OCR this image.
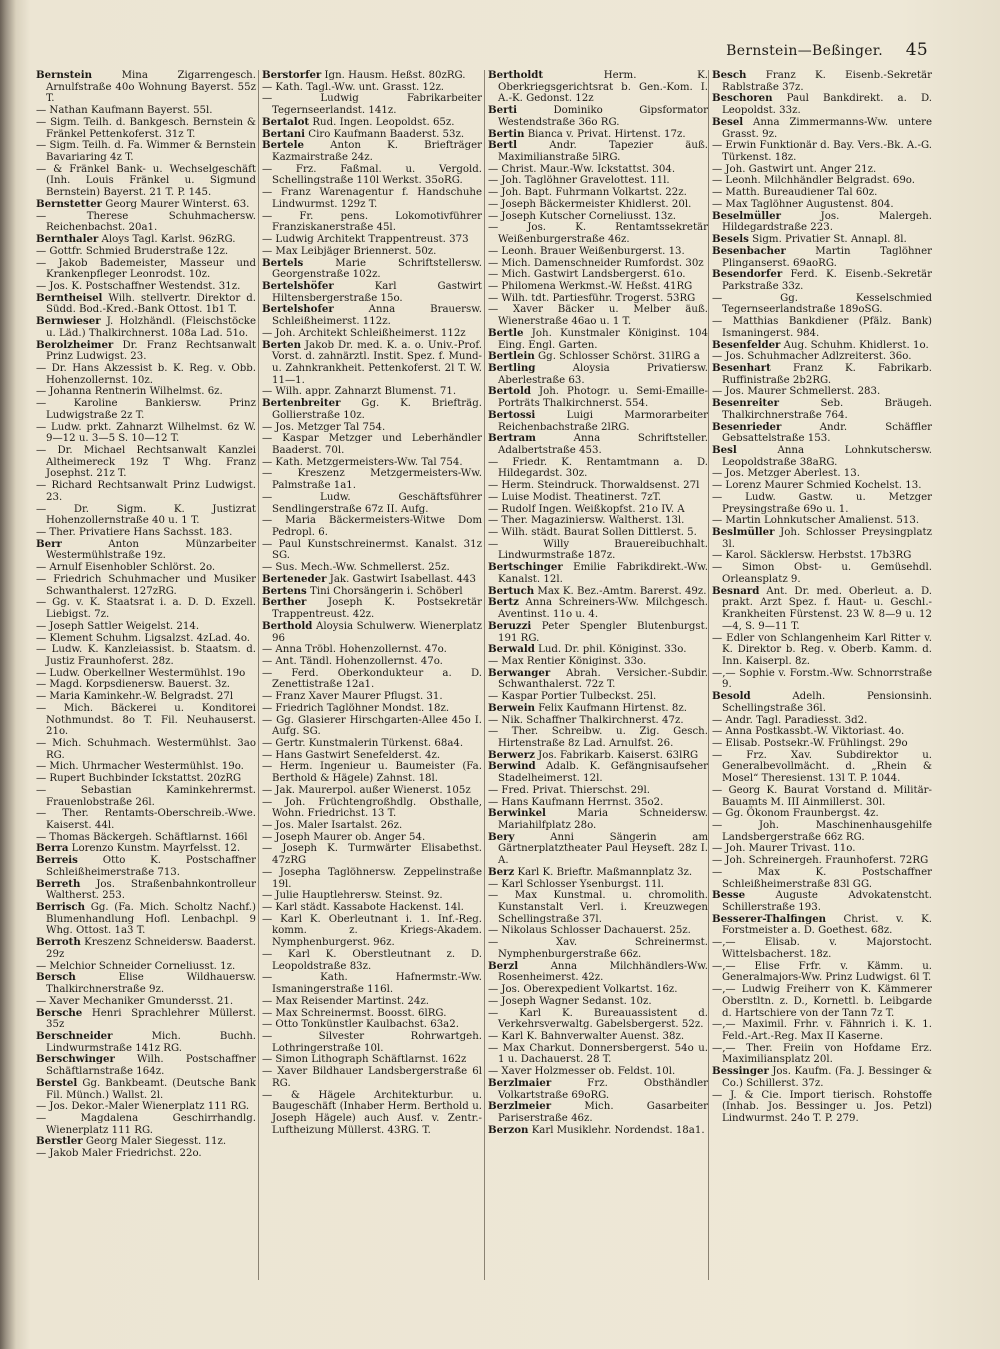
Bernstein—Beßinger. 45

Bernstein Mina Zigarrengesch. Arnulfstraße 40o Wohnung Bayerst. 55z T.

— Nathan Kaufmann Bayerst. 55l.

— Sigm. Teilh. d. Bankgesch. Bernstein & Fränkel Pettenkoferst. 31z T.

— Sigm. Teilh. d. Fa. Wimmer & Bernstein Bavariaring 4z T.

— & Fränkel Bank- u. Wechselgeschäft (Inh. Louis Fränkel u. Sigmund Bernstein) Bayerst. 21 T. P. 145.

Bernstetter Georg Maurer Winterst. 63.

— Therese Schuhmachersw. Reichenbachst. 20a1.

Bernthaler Aloys Tagl. Karlst. 96zRG.

— Gottfr. Schmied Bruderstraße 12z.

— Jakob Bademeister, Masseur und Krankenpfleger Leonrodst. 10z.

— Jos. K. Postschaffner Westendst. 31z.

Berntheisel Wilh. stellvertr. Direktor d. Südd. Bod.-Kred.-Bank Ottost. 1b1 T.

Bernwieser J. Holzhändl. (Fleischstöcke u. Läd.) Thalkirchnerst. 108a Lad. 51o.

Berolzheimer Dr. Franz Rechtsanwalt Prinz Ludwigst. 23.

— Dr. Hans Akzessist b. K. Reg. v. Obb. Hohenzollernst. 10z.

— Johanna Rentnerin Wilhelmst. 6z.

— Karoline Bankiersw. Prinz Ludwigstraße 2z T.

— Ludw. prkt. Zahnarzt Wilhelmst. 6z W. 9—12 u. 3—5 S. 10—12 T.

— Dr. Michael Rechtsanwalt Kanzlei Altheimereck 19z T Whg. Franz Josephst. 21z T.

— Richard Rechtsanwalt Prinz Ludwigst. 23.

— Dr. Sigm. K. Justizrat Hohenzollernstraße 40 u. 1 T.

— Ther. Privatiere Hans Sachsst. 183.

Berr Anton Münzarbeiter Westermühlstraße 19z.

— Arnulf Eisenhobler Schlörst. 2o.

— Friedrich Schuhmacher und Musiker Schwanthalerst. 127zRG.

— Gg. v. K. Staatsrat i. a. D. D. Exzell. Liebigst. 7z.

— Joseph Sattler Weigelst. 214.

— Klement Schuhm. Ligsalzst. 4zLad. 4o.

— Ludw. K. Kanzleiassist. b. Staatsm. d. Justiz Fraunhoferst. 28z.

— Ludw. Oberkellner Westermühlst. 19o

— Magd. Korpsdienersw. Bauerst. 3z.

— Maria Kaminkehr.-W. Belgradst. 27l

— Mich. Bäckerei u. Konditorei Nothmundst. 8o T. Fil. Neuhauserst. 21o.

— Mich. Schuhmach. Westermühlst. 3ao RG.

— Mich. Uhrmacher Westermühlst. 19o.

— Rupert Buchbinder Ickstattst. 20zRG

— Sebastian Kaminkehrermst. Frauenlobstraße 26l.

— Ther. Rentamts-Oberschreib.-Wwe. Kaiserst. 44l.

— Thomas Bäckergeh. Schäftlarnst. 166l

Berra Lorenzo Kunstm. Mayrfelsst. 12.

Berreis Otto K. Postschaffner Schleißheimerstraße 713.

Berreth Jos. Straßenbahnkontrolleur Waltherst. 253.

Berrisch Gg. (Fa. Mich. Scholtz Nachf.) Blumenhandlung Hofl. Lenbachpl. 9 Whg. Ottost. 1a3 T.

Berroth Kreszenz Schneidersw. Baaderst. 29z

— Melchior Schneider Corneliusst. 1z.

Bersch Elise Wildhauersw. Thalkirchnerstraße 9z.

— Xaver Mechaniker Gmundersst. 21.

Bersche Henri Sprachlehrer Müllerst. 35z

Berschneider Mich. Buchh. Lindwurmstraße 141z RG.

Berschwinger Wilh. Postschaffner Schäftlarnstraße 164z.

Berstel Gg. Bankbeamt. (Deutsche Bank Fil. Münch.) Wallst. 2l.

— Jos. Dekor.-Maler Wienerplatz 111 RG.

— Magdalena Geschirrhandlg. Wienerplatz 111 RG.

Berstler Georg Maler Siegesst. 11z.

— Jakob Maler Friedrichst. 22o.

Berstorfer Ign. Hausm. Heßst. 80zRG.

— Kath. Tagl.-Ww. unt. Grasst. 12z.

— Ludwig Fabrikarbeiter Tegernseerlandst. 141z.

Bertalot Rud. Ingen. Leopoldst. 65z.

Bertani Ciro Kaufmann Baaderst. 53z.

Bertele Anton K. Briefträger Kazmairstraße 24z.

— Frz. Faßmal. u. Vergold. Schellingstraße 110l Werkst. 35oRG.

— Franz Warenagentur f. Handschuhe Lindwurmst. 129z T.

— Fr. pens. Lokomotivführer Franziskanerstraße 45l.

— Ludwig Architekt Trappentreust. 373

— Max Leibjäger Briennerst. 50z.

Bertels Marie Schriftstellersw. Georgenstraße 102z.

Bertelshöfer Karl Gastwirt Hiltensbergerstraße 15o.

Bertelshofer Anna Brauersw. Schleißheimerst. 112z.

— Joh. Architekt Schleißheimerst. 112z

Berten Jakob Dr. med. K. a. o. Univ.-Prof. Vorst. d. zahnärztl. Instit. Spez. f. Mund- u. Zahnkrankheit. Pettenkoferst. 2l T. W. 11—1.

— Wilh. appr. Zahnarzt Blumenst. 71.

Bertenbreiter Gg. K. Briefträg. Gollierstraße 10z.

— Jos. Metzger Tal 754.

— Kaspar Metzger und Leberhändler Baaderst. 70l.

— Kath. Metzgermeisters-Ww. Tal 754.

— Kreszenz Metzgermeisters-Ww. Palmstraße 1a1.

— Ludw. Geschäftsführer Sendlingerstraße 67z II. Aufg.

— Maria Bäckermeisters-Witwe Dom Pedropl. 6.

— Paul Kunstschreinermst. Kanalst. 31z SG.

— Sus. Mech.-Ww. Schmellerst. 25z.

Berteneder Jak. Gastwirt Isabellast. 443

Bertens Tini Chorsängerin i. Schöberl

Berther Joseph K. Postsekretär Trappentreust. 42z.

Berthold Aloysia Schulwerw. Wienerplatz 96

— Anna Tröbl. Hohenzollernst. 47o.

— Ant. Tändl. Hohenzollernst. 47o.

— Ferd. Oberkondukteur a. D. Zenettistraße 12a1.

— Franz Xaver Maurer Pflugst. 31.

— Friedrich Taglöhner Mondst. 18z.

— Gg. Glasierer Hirschgarten-Allee 45o I. Aufg. SG.

— Gertr. Kunstmalerin Türkenst. 68a4.

— Hans Gastwirt Senefelderst. 4z.

— Herm. Ingenieur u. Baumeister (Fa. Berthold & Hägele) Zahnst. 18l.

— Jak. Maurerpol. außer Wienerst. 105z

— Joh. Früchtengroßhdlg. Obsthalle, Wohn. Friedrichst. 13 T.

— Jos. Maler Isartalst. 26z.

— Joseph Maurer ob. Anger 54.

— Joseph K. Turmwärter Elisabethst. 47zRG

— Josepha Taglöhnersw. Zeppelinstraße 19l.

— Julie Hauptlehrersw. Steinst. 9z.

— Karl städt. Kassabote Hackenst. 14l.

— Karl K. Oberleutnant i. 1. Inf.-Reg. komm. z. Kriegs-Akadem. Nymphenburgerst. 96z.

— Karl K. Oberstleutnant z. D. Leopoldstraße 83z.

— Kath. Hafnermstr.-Ww. Ismaningerstraße 116l.

— Max Reisender Martinst. 24z.

— Max Schreinermst. Boosst. 6lRG.

— Otto Tonkünstler Kaulbachst. 63a2.

— Silvester Rohrwartgeh. Lothringerstraße 10l.

— Simon Lithograph Schäftlarnst. 162z

— Xaver Bildhauer Landsbergerstraße 6l RG.

— & Hägele Architekturbur. u. Baugeschäft (Inhaber Herm. Berthold u. Joseph Hägele) auch Ausf. v. Zentr.-Luftheizung Müllerst. 43RG. T.

Bertholdt Herm. K. Oberkriegsgerichtsrat b. Gen.-Kom. I. A.-K. Gedonst. 12z

Berti Dominiko Gipsformator Westendstraße 36o RG.

Bertin Bianca v. Privat. Hirtenst. 17z.

Bertl Andr. Tapezier äuß. Maximilianstraße 5lRG.

— Christ. Maur.-Ww. Ickstattst. 304.

— Joh. Taglöhner Gravelottest. 11l.

— Joh. Bapt. Fuhrmann Volkartst. 22z.

— Joseph Bäckermeister Khidlerst. 20l.

— Joseph Kutscher Corneliusst. 13z.

— Jos. K. Rentamtssekretär Weißenburgerstraße 46z.

— Leonh. Brauer Weißenburgerst. 13.

— Mich. Damenschneider Rumfordst. 30z

— Mich. Gastwirt Landsbergerst. 61o.

— Philomena Werkmst.-W. Heßst. 41RG

— Wilh. tdt. Partiesführ. Trogerst. 53RG

— Xaver Bäcker u. Melber äuß. Wienerstraße 46ao u. 1 T.

Bertle Joh. Kunstmaler Königinst. 104 Eing. Engl. Garten.

Bertlein Gg. Schlosser Schörst. 31lRG a

Bertling Aloysia Privatiersw. Aberlestraße 63.

Bertold Joh. Photogr. u. Semi-Emaille-Porträts Thalkirchnerst. 554.

Bertossi Luigi Marmorarbeiter Reichenbachstraße 2lRG.

Bertram Anna Schriftsteller. Adalbertstraße 453.

— Friedr. K. Rentamtmann a. D. Hildegardst. 30z.

— Herm. Steindruck. Thorwaldsenst. 27l

— Luise Modist. Theatinerst. 7zT.

— Rudolf Ingen. Weißkopfst. 21o IV. A

— Ther. Magaziniersw. Waltherst. 13l.

— Wilh. städt. Baurat Sollen Dittlerst. 5.

— Willy Brauereibuchhalt. Lindwurmstraße 187z.

Bertschinger Emilie Fabrikdirekt.-Ww. Kanalst. 12l.

Bertuch Max K. Bez.-Amtm. Barerst. 49z.

Bertz Anna Schreiners-Ww. Milchgesch. Aventinst. 11o u. 4.

Beruzzi Peter Spengler Blutenburgst. 191 RG.

Berwald Lud. Dr. phil. Königinst. 33o.

— Max Rentier Königinst. 33o.

Berwanger Abrah. Versicher.-Subdir. Schwanthalerst. 72z T.

— Kaspar Portier Tulbeckst. 25l.

Berwein Felix Kaufmann Hirtenst. 8z.

— Nik. Schaffner Thalkirchnerst. 47z.

— Ther. Schreibw. u. Zig. Gesch. Hirtenstraße 8z Lad. Arnulfst. 26.

Berwerz Jos. Fabrikarb. Kaiserst. 63lRG

Berwind Adalb. K. Gefängnisaufseher Stadelheimerst. 12l.

— Fred. Privat. Thierschst. 29l.

— Hans Kaufmann Herrnst. 35o2.

Berwinkel Maria Schneidersw. Mariahilfplatz 28o.

Bery Anni Sängerin am Gärtnerplatztheater Paul Heyseft. 28z I. A.

Berz Karl K. Brieftr. Maßmannplatz 3z.

— Karl Schlosser Ysenburgst. 11l.

— Max Kunstmal. u. chromolith. Kunstanstalt Verl. i. Kreuzwegen Schellingstraße 37l.

— Nikolaus Schlosser Dachauerst. 25z.

— Xav. Schreinermst. Nymphenburgerstraße 66z.

Berzl Anna Milchhändlers-Ww. Rosenheimerst. 42z.

— Jos. Oberexpedient Volkartst. 16z.

— Joseph Wagner Sedanst. 10z.

— Karl K. Bureauassistent d. Verkehrsverwaltg. Gabelsbergerst. 52z.

— Karl K. Bahnverwalter Auenst. 38z.

— Max Charkut. Donnersbergerst. 54o u. 1 u. Dachauerst. 28 T.

— Xaver Holzmesser ob. Feldst. 10l.

Berzlmaier Frz. Obsthändler Volkartstraße 69oRG.

Berzlmeier Mich. Gasarbeiter Pariserstraße 46z.

Berzon Karl Musiklehr. Nordendst. 18a1.

Besch Franz K. Eisenb.-Sekretär Rablstraße 37z.

Beschoren Paul Bankdirekt. a. D. Leopoldst. 33z.

Besel Anna Zimmermanns-Ww. untere Grasst. 9z.

— Erwin Funktionär d. Bay. Vers.-Bk. A.-G. Türkenst. 18z.

— Joh. Gastwirt unt. Anger 21z.

— Leonh. Milchhändler Belgradst. 69o.

— Matth. Bureaudiener Tal 60z.

— Max Taglöhner Augustenst. 804.

Beselmüller Jos. Malergeh. Hildegardstraße 223.

Besels Sigm. Privatier St. Annapl. 8l.

Besenbacher Martin Taglöhner Plinganserst. 69aoRG.

Besendorfer Ferd. K. Eisenb.-Sekretär Parkstraße 33z.

— Gg. Kesselschmied Tegernseerlandstraße 189oSG.

— Matthias Bankdiener (Pfälz. Bank) Ismaningerst. 984.

Besenfelder Aug. Schuhm. Khidlerst. 1o.

— Jos. Schuhmacher Adlzreiterst. 36o.

Besenhart Franz K. Fabrikarb. Ruffinistraße 2b2RG.

— Jos. Maurer Schmellerst. 283.

Besenreiter Seb. Bräugeh. Thalkirchnerstraße 764.

Besenrieder Andr. Schäffler Gebsattelstraße 153.

Besl Anna Lohnkutschersw. Leopoldstraße 38aRG.

— Jos. Metzger Aberlest. 13.

— Lorenz Maurer Schmied Kochelst. 13.

— Ludw. Gastw. u. Metzger Preysingstraße 69o u. 1.

— Martin Lohnkutscher Amalienst. 513.

Beslmüller Joh. Schlosser Preysingplatz 3l.

— Karol. Säcklersw. Herbstst. 17b3RG

— Simon Obst- u. Gemüsehdl. Orleansplatz 9.

Besnard Ant. Dr. med. Oberleut. a. D. prakt. Arzt Spez. f. Haut- u. Geschl.-Krankheiten Fürstenst. 23 W. 8—9 u. 12—4, S. 9—11 T.

— Edler von Schlangenheim Karl Ritter v. K. Direktor b. Reg. v. Oberb. Kamm. d. Inn. Kaiserpl. 8z.

—,— Sophie v. Forstm.-Ww. Schnorrstraße 9.

Besold Adelh. Pensionsinh. Schellingstraße 36l.

— Andr. Tagl. Paradiesst. 3d2.

— Anna Postkassbt.-W. Viktoriast. 4o.

— Elisab. Postsekr.-W. Frühlingst. 29o

— Frz. Xav. Subdirektor u. Generalbevollmächt. d. „Rhein & Mosel“ Theresienst. 13l T. P. 1044.

— Georg K. Baurat Vorstand d. Militär-Bauamts M. III Ainmillerst. 30l.

— Gg. Ökonom Fraunbergst. 4z.

— Joh. Maschinenhausgehilfe Landsbergerstraße 66z RG.

— Joh. Maurer Trivast. 11o.

— Joh. Schreinergeh. Fraunhoferst. 72RG

— Max K. Postschaffner Schleißheimerstraße 83l GG.

Besse Auguste Advokatenstcht. Schillerstraße 193.

Besserer-Thalfingen Christ. v. K. Forstmeister a. D. Goethest. 68z.

—,— Elisab. v. Majorstocht. Wittelsbacherst. 18z.

—,— Elise Frfr. v. Kämm. u. Generalmajors-Ww. Prinz Ludwigst. 6l T.

—,— Ludwig Freiherr von K. Kämmerer Oberstltn. z. D., Kornettl. b. Leibgarde d. Hartschiere von der Tann 7z T.

—,— Maximil. Frhr. v. Fähnrich i. K. 1. Feld.-Art.-Reg. Max II Kaserne.

—,— Ther. Freiin von Hofdame Erz. Maximiliansplatz 20l.

Bessinger Jos. Kaufm. (Fa. J. Bessinger & Co.) Schillerst. 37z.

— J. & Cie. Import tierisch. Rohstoffe (Inhab. Jos. Bessinger u. Jos. Petzl) Lindwurmst. 24o T. P. 279.
